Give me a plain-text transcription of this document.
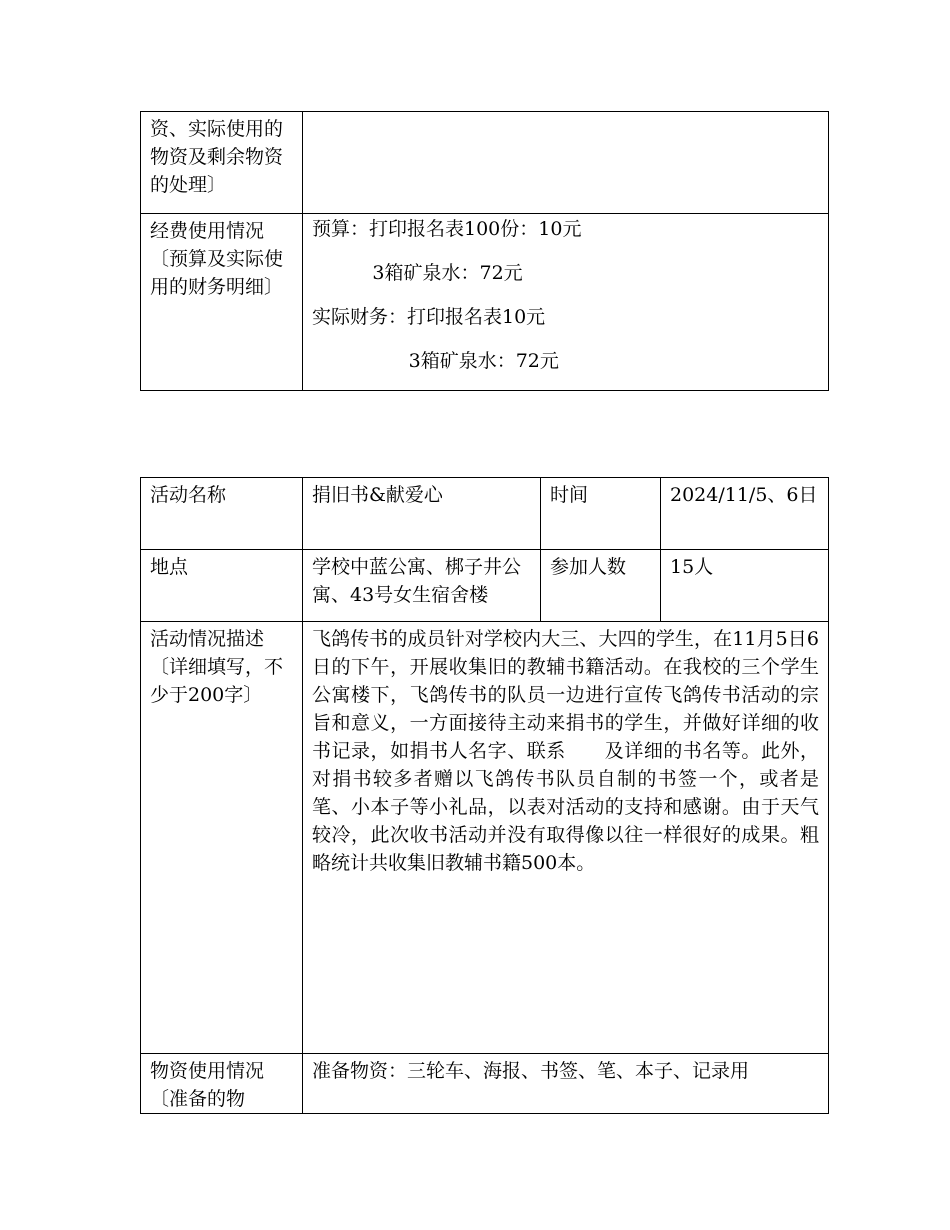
资、实际使用的物资及剩余物资的处理〕	
经费使用情况〔预算及实际使用的财务明细〕	预算：打印报名表100份：10元
3箱矿泉水：72元
实际财务：打印报名表10元
3箱矿泉水：72元
活动名称	捐旧书&献爱心	时间	2024/11/5、6日
地点	学校中蓝公寓、梆子井公寓、43号女生宿舍楼	参加人数	15人
活动情况描述〔详细填写，不少于200字〕	飞鸽传书的成员针对学校内大三、大四的学生，在11月5日6日的下午，开展收集旧的教辅书籍活动。在我校的三个学生公寓楼下，飞鸽传书的队员一边进行宣传飞鸽传书活动的宗旨和意义，一方面接待主动来捐书的学生，并做好详细的收书记录，如捐书人名字、联系　　及详细的书名等。此外，对捐书较多者赠以飞鸽传书队员自制的书签一个，或者是笔、小本子等小礼品，以表对活动的支持和感谢。由于天气较冷，此次收书活动并没有取得像以往一样很好的成果。粗略统计共收集旧教辅书籍500本。		
物资使用情况〔准备的物	准备物资：三轮车、海报、书签、笔、本子、记录用		
